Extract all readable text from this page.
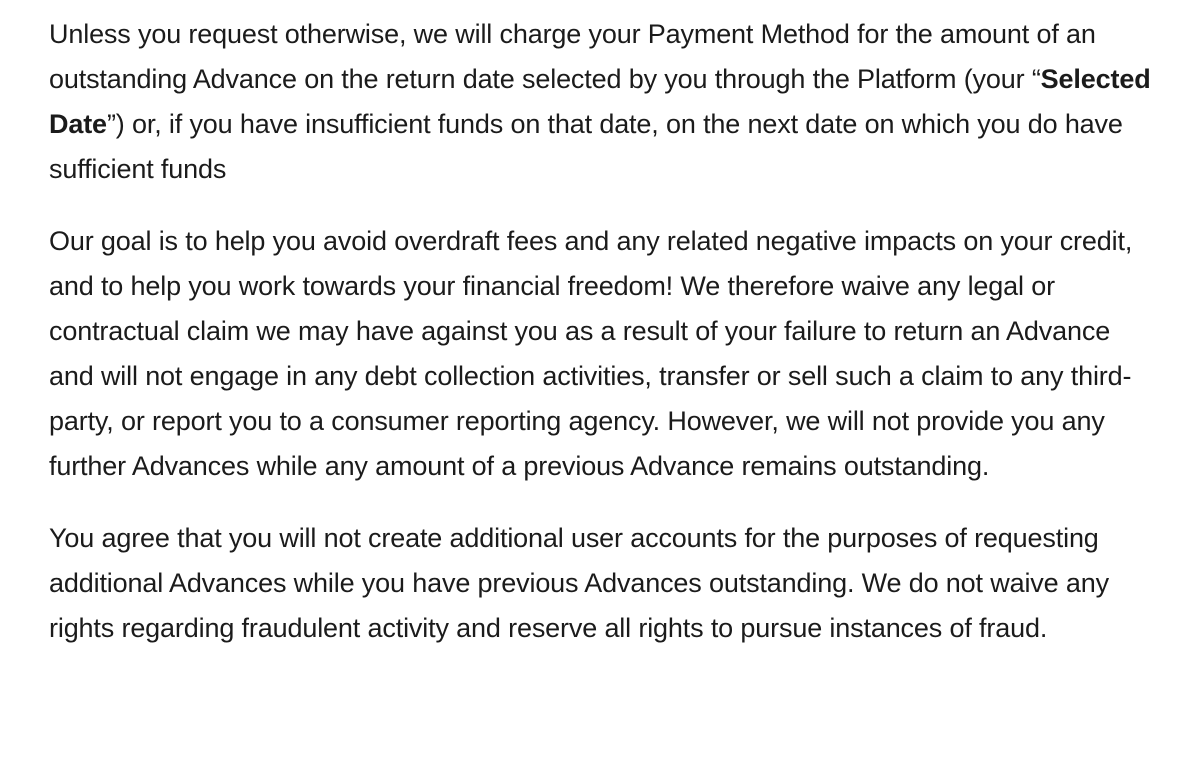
Unless you request otherwise, we will charge your Payment Method for the amount of an outstanding Advance on the return date selected by you through the Platform (your “Selected Date”) or, if you have insufficient funds on that date, on the next date on which you do have sufficient funds

Our goal is to help you avoid overdraft fees and any related negative impacts on your credit, and to help you work towards your financial freedom! We therefore waive any legal or contractual claim we may have against you as a result of your failure to return an Advance and will not engage in any debt collection activities, transfer or sell such a claim to any third-party, or report you to a consumer reporting agency. However, we will not provide you any further Advances while any amount of a previous Advance remains outstanding.

You agree that you will not create additional user accounts for the purposes of requesting additional Advances while you have previous Advances outstanding. We do not waive any rights regarding fraudulent activity and reserve all rights to pursue instances of fraud.
